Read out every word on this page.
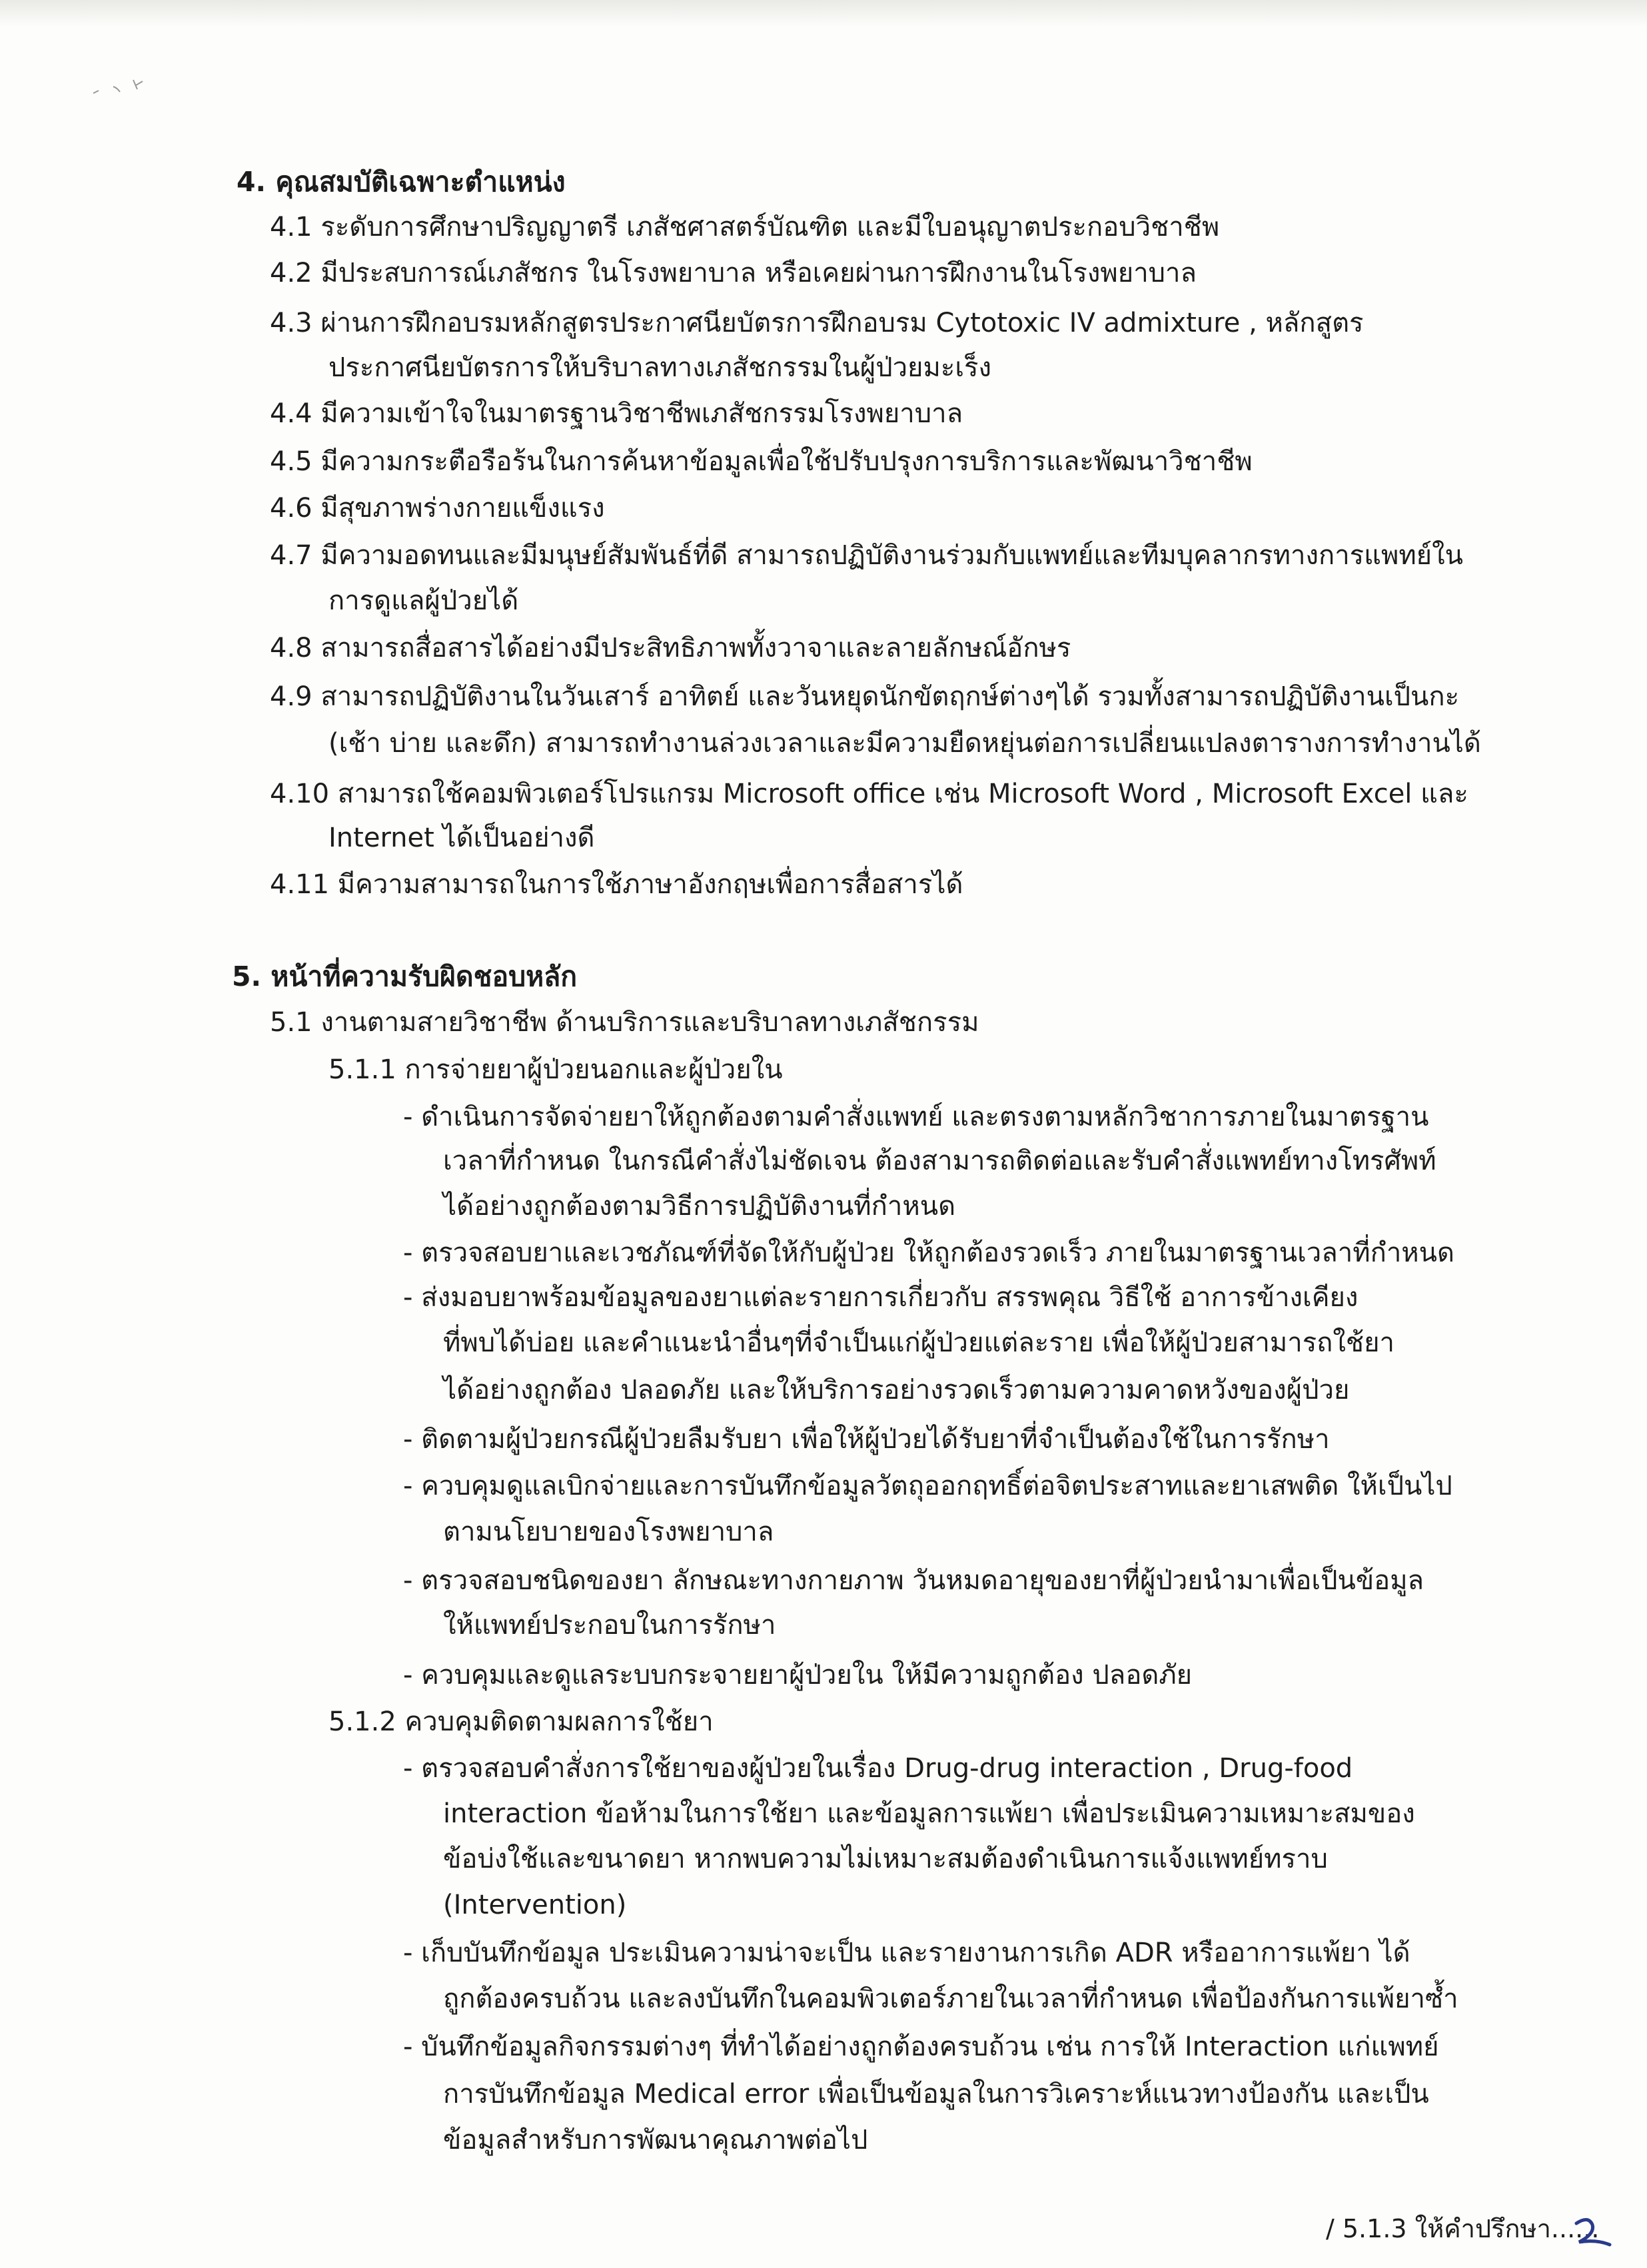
4. คุณสมบัติเฉพาะตำแหน่ง
4.1 ระดับการศึกษาปริญญาตรี เภสัชศาสตร์บัณฑิต และมีใบอนุญาตประกอบวิชาชีพ
4.2 มีประสบการณ์เภสัชกร ในโรงพยาบาล หรือเคยผ่านการฝึกงานในโรงพยาบาล
4.3 ผ่านการฝึกอบรมหลักสูตรประกาศนียบัตรการฝึกอบรม Cytotoxic IV admixture , หลักสูตร
ประกาศนียบัตรการให้บริบาลทางเภสัชกรรมในผู้ป่วยมะเร็ง
4.4 มีความเข้าใจในมาตรฐานวิชาชีพเภสัชกรรมโรงพยาบาล
4.5 มีความกระตือรือร้นในการค้นหาข้อมูลเพื่อใช้ปรับปรุงการบริการและพัฒนาวิชาชีพ
4.6 มีสุขภาพร่างกายแข็งแรง
4.7 มีความอดทนและมีมนุษย์สัมพันธ์ที่ดี สามารถปฏิบัติงานร่วมกับแพทย์และทีมบุคลากรทางการแพทย์ใน
การดูแลผู้ป่วยได้
4.8 สามารถสื่อสารได้อย่างมีประสิทธิภาพทั้งวาจาและลายลักษณ์อักษร
4.9 สามารถปฏิบัติงานในวันเสาร์ อาทิตย์ และวันหยุดนักขัตฤกษ์ต่างๆได้ รวมทั้งสามารถปฏิบัติงานเป็นกะ
(เช้า บ่าย และดึก) สามารถทำงานล่วงเวลาและมีความยืดหยุ่นต่อการเปลี่ยนแปลงตารางการทำงานได้
4.10 สามารถใช้คอมพิวเตอร์โปรแกรม Microsoft office เช่น Microsoft Word , Microsoft Excel และ
Internet ได้เป็นอย่างดี
4.11 มีความสามารถในการใช้ภาษาอังกฤษเพื่อการสื่อสารได้
5. หน้าที่ความรับผิดชอบหลัก
5.1 งานตามสายวิชาชีพ ด้านบริการและบริบาลทางเภสัชกรรม
5.1.1 การจ่ายยาผู้ป่วยนอกและผู้ป่วยใน
- ดำเนินการจัดจ่ายยาให้ถูกต้องตามคำสั่งแพทย์ และตรงตามหลักวิชาการภายในมาตรฐาน
เวลาที่กำหนด ในกรณีคำสั่งไม่ชัดเจน ต้องสามารถติดต่อและรับคำสั่งแพทย์ทางโทรศัพท์
ได้อย่างถูกต้องตามวิธีการปฏิบัติงานที่กำหนด
- ตรวจสอบยาและเวชภัณฑ์ที่จัดให้กับผู้ป่วย ให้ถูกต้องรวดเร็ว ภายในมาตรฐานเวลาที่กำหนด
- ส่งมอบยาพร้อมข้อมูลของยาแต่ละรายการเกี่ยวกับ สรรพคุณ วิธีใช้ อาการข้างเคียง
ที่พบได้บ่อย และคำแนะนำอื่นๆที่จำเป็นแก่ผู้ป่วยแต่ละราย เพื่อให้ผู้ป่วยสามารถใช้ยา
ได้อย่างถูกต้อง ปลอดภัย และให้บริการอย่างรวดเร็วตามความคาดหวังของผู้ป่วย
- ติดตามผู้ป่วยกรณีผู้ป่วยลืมรับยา เพื่อให้ผู้ป่วยได้รับยาที่จำเป็นต้องใช้ในการรักษา
- ควบคุมดูแลเบิกจ่ายและการบันทึกข้อมูลวัตถุออกฤทธิ์ต่อจิตประสาทและยาเสพติด ให้เป็นไป
ตามนโยบายของโรงพยาบาล
- ตรวจสอบชนิดของยา ลักษณะทางกายภาพ วันหมดอายุของยาที่ผู้ป่วยนำมาเพื่อเป็นข้อมูล
ให้แพทย์ประกอบในการรักษา
- ควบคุมและดูแลระบบกระจายยาผู้ป่วยใน ให้มีความถูกต้อง ปลอดภัย
5.1.2 ควบคุมติดตามผลการใช้ยา
- ตรวจสอบคำสั่งการใช้ยาของผู้ป่วยในเรื่อง Drug-drug interaction , Drug-food
interaction ข้อห้ามในการใช้ยา และข้อมูลการแพ้ยา เพื่อประเมินความเหมาะสมของ
ข้อบ่งใช้และขนาดยา หากพบความไม่เหมาะสมต้องดำเนินการแจ้งแพทย์ทราบ
(Intervention)
- เก็บบันทึกข้อมูล ประเมินความน่าจะเป็น และรายงานการเกิด ADR หรืออาการแพ้ยา ได้
ถูกต้องครบถ้วน และลงบันทึกในคอมพิวเตอร์ภายในเวลาที่กำหนด เพื่อป้องกันการแพ้ยาซ้ำ
- บันทึกข้อมูลกิจกรรมต่างๆ ที่ทำได้อย่างถูกต้องครบถ้วน เช่น การให้ Interaction แก่แพทย์
การบันทึกข้อมูล Medical error เพื่อเป็นข้อมูลในการวิเคราะห์แนวทางป้องกัน และเป็น
ข้อมูลสำหรับการพัฒนาคุณภาพต่อไป
/ 5.1.3 ให้คำปรึกษา......
